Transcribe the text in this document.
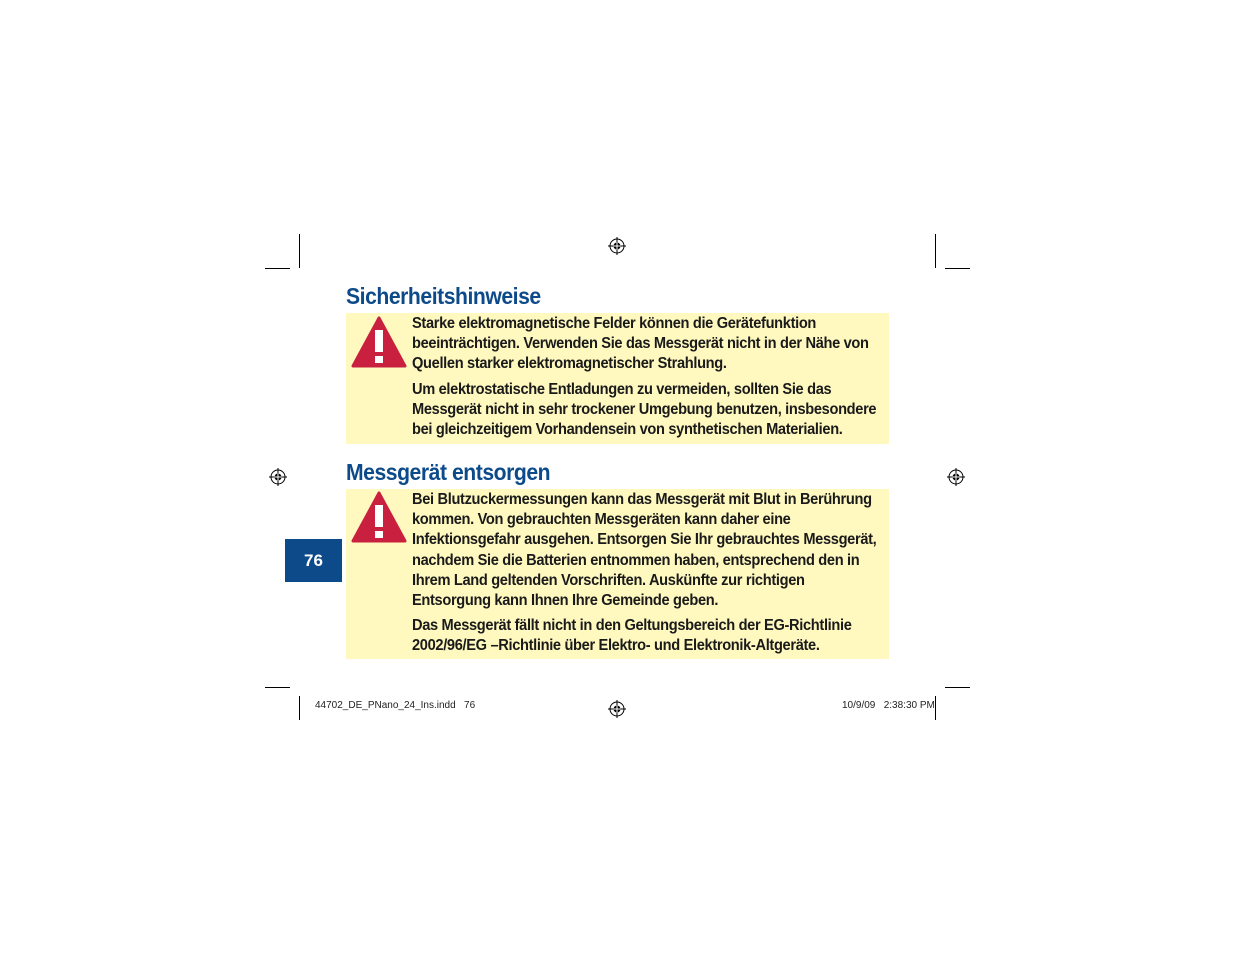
Sicherheitshinweise

Starke elektromagnetische Felder können die Gerätefunktion beeinträchtigen. Verwenden Sie das Messgerät nicht in der Nähe von Quellen starker elektromagnetischer Strahlung.

Um elektrostatische Entladungen zu vermeiden, sollten Sie das Messgerät nicht in sehr trockener Umgebung benutzen, insbesondere bei gleichzeitigem Vorhandensein von synthetischen Materialien.

Messgerät entsorgen

Bei Blutzuckermessungen kann das Messgerät mit Blut in Berührung kommen. Von gebrauchten Messgeräten kann daher eine Infektionsgefahr ausgehen. Entsorgen Sie Ihr gebrauchtes Messgerät, nachdem Sie die Batterien entnommen haben, entsprechend den in Ihrem Land geltenden Vorschriften. Auskünfte zur richtigen Entsorgung kann Ihnen Ihre Gemeinde geben.

Das Messgerät fällt nicht in den Geltungsbereich der EG-Richtlinie 2002/96/EG –Richtlinie über Elektro- und Elektronik-Altgeräte.

76
44702_DE_PNano_24_Ins.indd   76	10/9/09   2:38:30 PM
